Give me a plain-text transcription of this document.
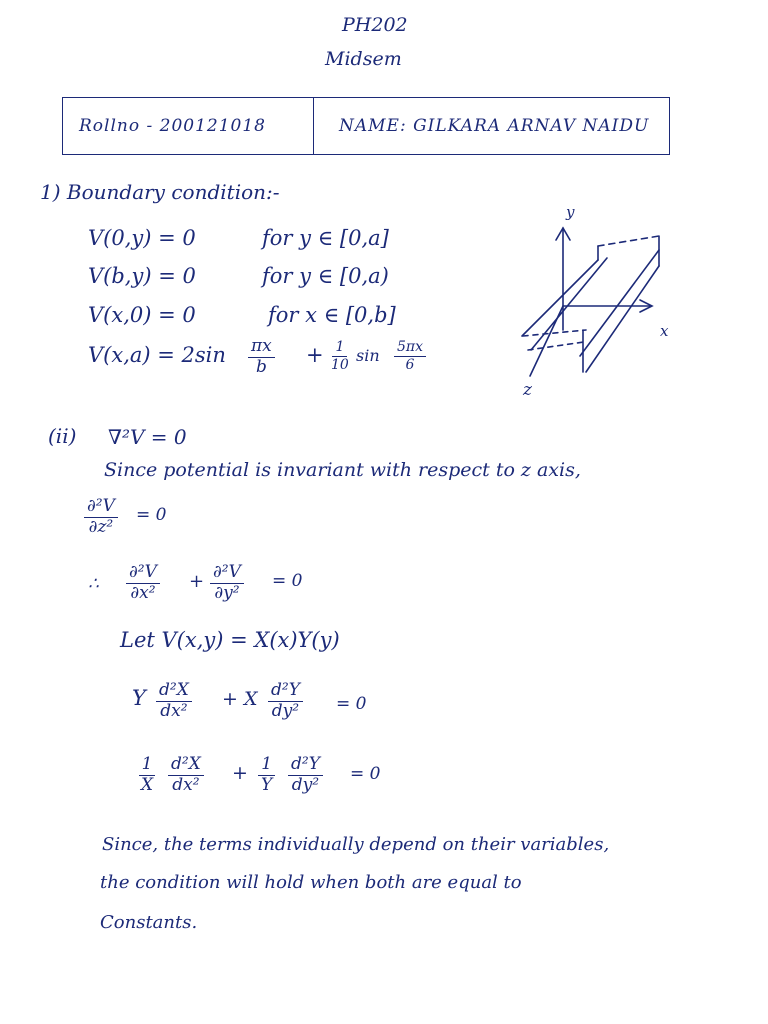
PH202
Midsem
Rollno - 200121018	NAME: GILKARA ARNAV NAIDU
1) Boundary condition:-
V(0,y) = 0	for y ∈ [0,a]
V(b,y) = 0	for y ∈ [0,a)
V(x,0) = 0	for x ∈ [0,b]
$V(x,a) = 2\sin \frac{\pi x}{b} + \frac{1}{10}$ $\sin \frac{5\pi x}{6}$
y
x
z
(ii) ∇²V = 0
Since potential is invariant with respect to z axis,
$\frac{\text{∂²V}}{\text{∂z²}} = 0$
∴ $\frac{\text{∂²V}}{\text{∂x²}} + \frac{\text{∂²V}}{\text{∂y²}} = 0$
Let V(x,y) = X(x)Y(y)
Y $\frac{\text{d²X}}{\text{dx²}} + X \frac{\text{d²Y}}{\text{dy²}} = 0$
$\frac{1}{X} \frac{\text{d²X}}{\text{dx²}} + \frac{1}{Y} \frac{\text{d²Y}}{\text{dy²}} = 0$
Since, the terms individually depend on their variables,
the condition will hold when both are equal to
Constants.
